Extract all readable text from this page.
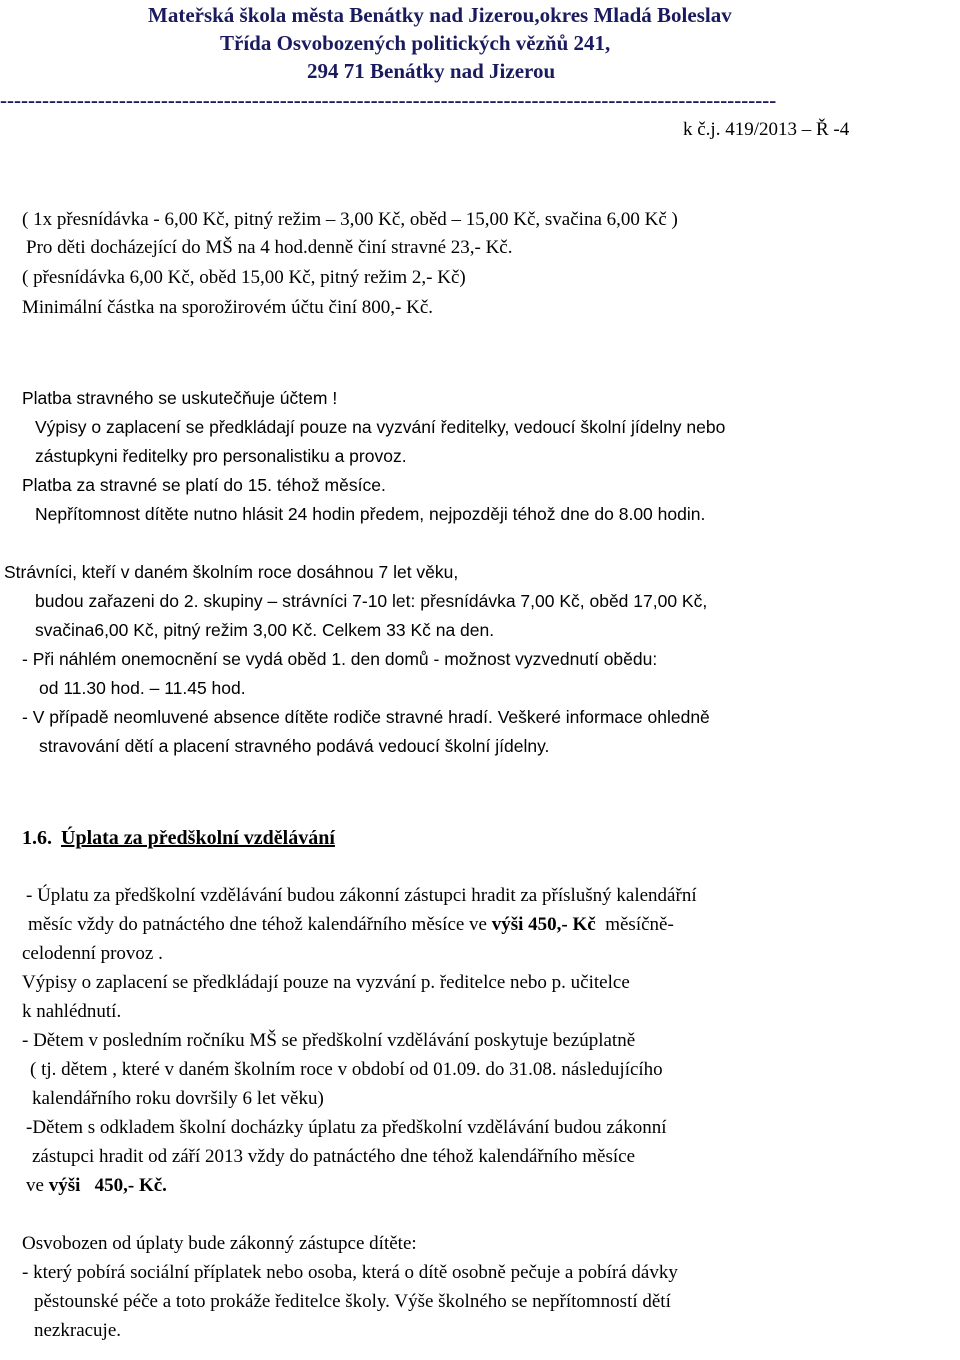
Mateřská škola města Benátky nad Jizerou,okres Mladá Boleslav
Třída Osvobozených politických vězňů 241,
294 71 Benátky nad Jizerou
---------------------------------------------------------------------------------------------------------------
k č.j. 419/2013 – Ř -4
( 1x přesnídávka - 6,00 Kč, pitný režim – 3,00 Kč, oběd – 15,00 Kč, svačina 6,00 Kč )
Pro děti docházející do MŠ na 4 hod.denně činí stravné 23,- Kč.
( přesnídávka 6,00 Kč, oběd 15,00 Kč, pitný režim 2,- Kč)
Minimální částka na sporožirovém účtu činí 800,- Kč.
Platba stravného se uskutečňuje účtem !
Výpisy o zaplacení se předkládají pouze na vyzvání ředitelky, vedoucí školní jídelny nebo
zástupkyni ředitelky pro personalistiku a provoz.
Platba za stravné se platí do 15. téhož měsíce.
Nepřítomnost dítěte nutno hlásit 24 hodin předem, nejpozději téhož dne do 8.00 hodin.
Strávníci, kteří v daném školním roce dosáhnou 7 let věku,
budou zařazeni do 2. skupiny – strávníci 7-10 let: přesnídávka 7,00 Kč, oběd 17,00 Kč,
svačina6,00 Kč, pitný režim 3,00 Kč. Celkem 33 Kč na den.
- Při náhlém onemocnění se vydá oběd 1. den domů - možnost vyzvednutí obědu:
od 11.30 hod. – 11.45 hod.
- V případě neomluvené absence dítěte rodiče stravné hradí. Veškeré informace ohledně
stravování dětí a placení stravného podává vedoucí školní jídelny.
1.6. Úplata za předškolní vzdělávání
- Úplatu za předškolní vzdělávání budou zákonní zástupci hradit za příslušný kalendářní
měsíc vždy do patnáctého dne téhož kalendářního měsíce ve výši 450,- Kč  měsíčně-
celodenní provoz .
Výpisy o zaplacení se předkládají pouze na vyzvání p. ředitelce nebo p. učitelce
k nahlédnutí.
- Dětem v posledním ročníku MŠ se předškolní vzdělávání poskytuje bezúplatně
( tj. dětem , které v daném školním roce v období od 01.09. do 31.08. následujícího
kalendářního roku dovršily 6 let věku)
-Dětem s odkladem školní docházky úplatu za předškolní vzdělávání budou zákonní
zástupci hradit od září 2013 vždy do patnáctého dne téhož kalendářního měsíce
ve výši   450,- Kč.
Osvobozen od úplaty bude zákonný zástupce dítěte:
- který pobírá sociální příplatek nebo osoba, která o dítě osobně pečuje a pobírá dávky
pěstounské péče a toto prokáže ředitelce školy. Výše školného se nepřítomností dětí
nezkracuje.
